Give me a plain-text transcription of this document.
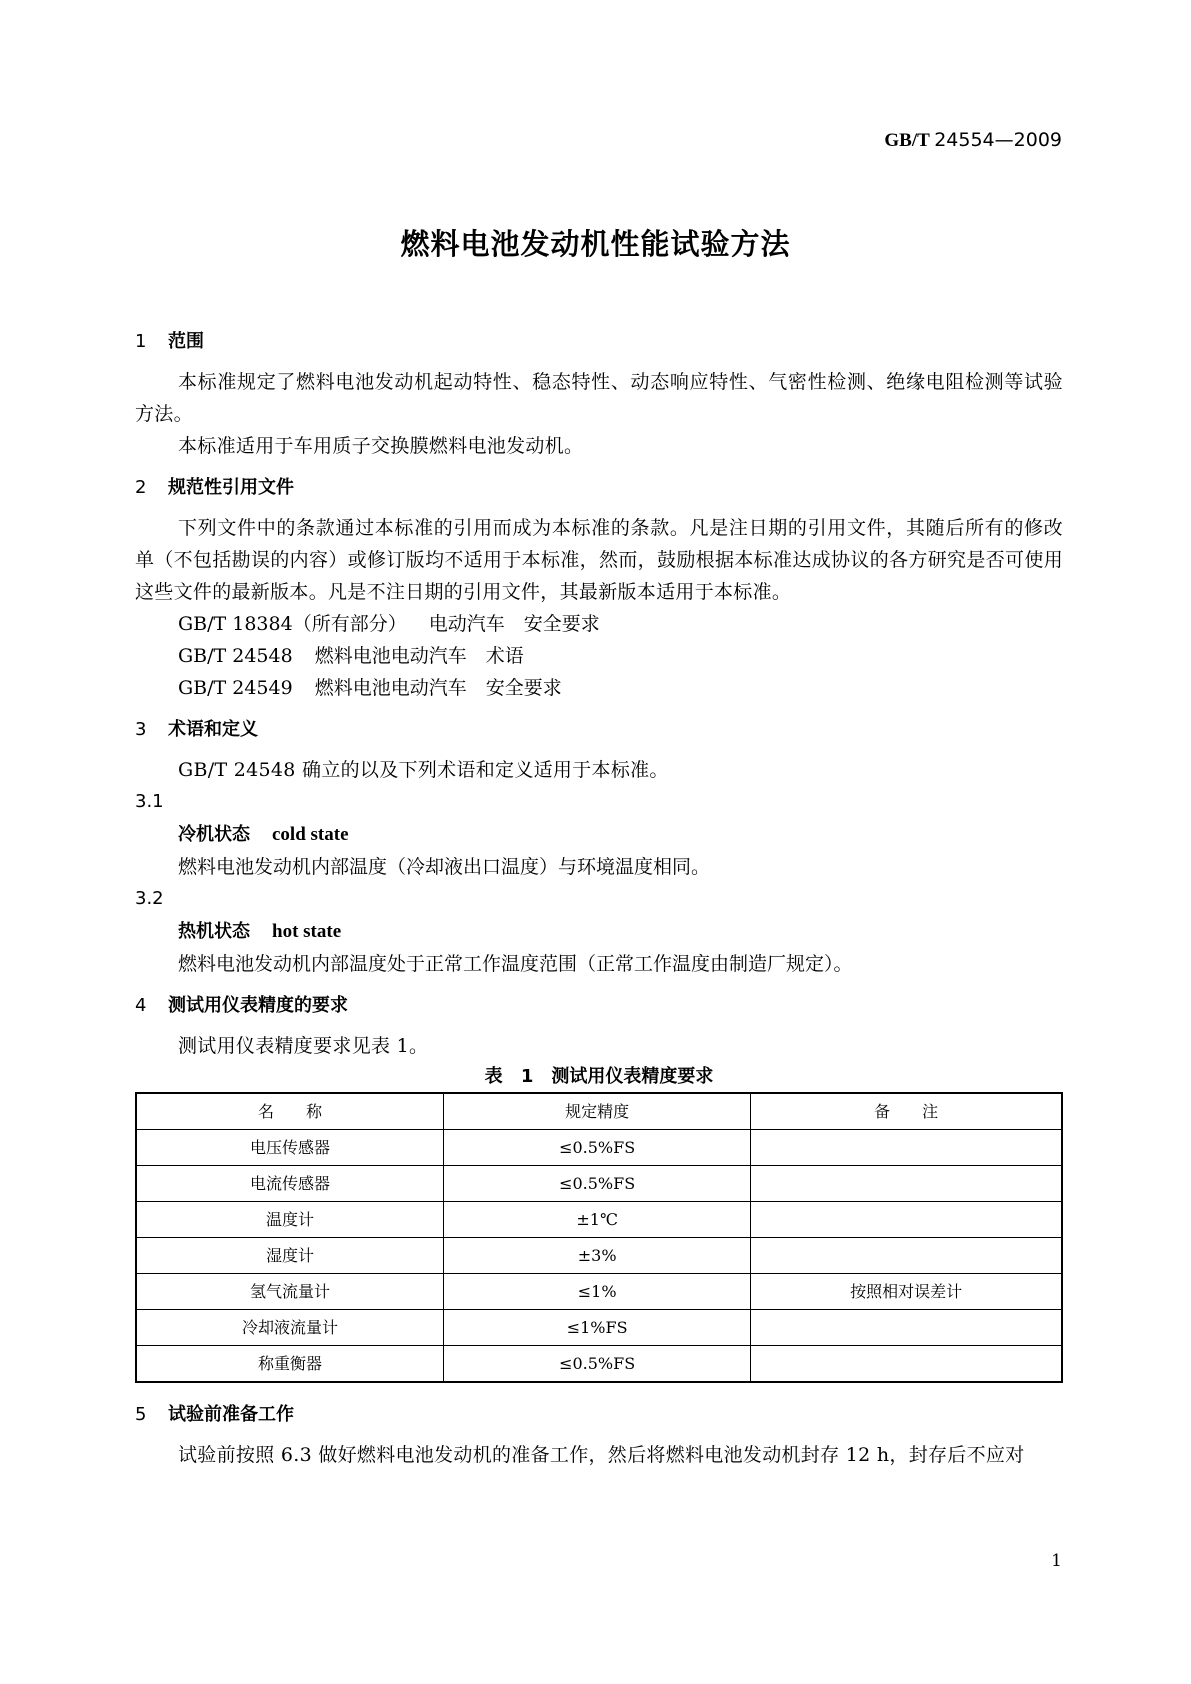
GB/T 24554—2009
燃料电池发动机性能试验方法
1 范围
本标准规定了燃料电池发动机起动特性、稳态特性、动态响应特性、气密性检测、绝缘电阻检测等试验方法。
本标准适用于车用质子交换膜燃料电池发动机。
2 规范性引用文件
下列文件中的条款通过本标准的引用而成为本标准的条款。凡是注日期的引用文件，其随后所有的修改单（不包括勘误的内容）或修订版均不适用于本标准，然而，鼓励根据本标准达成协议的各方研究是否可使用这些文件的最新版本。凡是不注日期的引用文件，其最新版本适用于本标准。
GB/T 18384（所有部分） 电动汽车　安全要求
GB/T 24548 燃料电池电动汽车　术语
GB/T 24549 燃料电池电动汽车　安全要求
3 术语和定义
GB/T 24548 确立的以及下列术语和定义适用于本标准。
3.1
冷机状态 cold state
燃料电池发动机内部温度（冷却液出口温度）与环境温度相同。
3.2
热机状态 hot state
燃料电池发动机内部温度处于正常工作温度范围（正常工作温度由制造厂规定）。
4 测试用仪表精度的要求
测试用仪表精度要求见表 1。
表 1　测试用仪表精度要求
名　　称	规定精度	备　　注
电压传感器	≤0.5%FS	
电流传感器	≤0.5%FS	
温度计	±1℃	
湿度计	±3%	
氢气流量计	≤1%	按照相对误差计
冷却液流量计	≤1%FS	
称重衡器	≤0.5%FS	
5 试验前准备工作
试验前按照 6.3 做好燃料电池发动机的准备工作，然后将燃料电池发动机封存 12 h，封存后不应对
1
